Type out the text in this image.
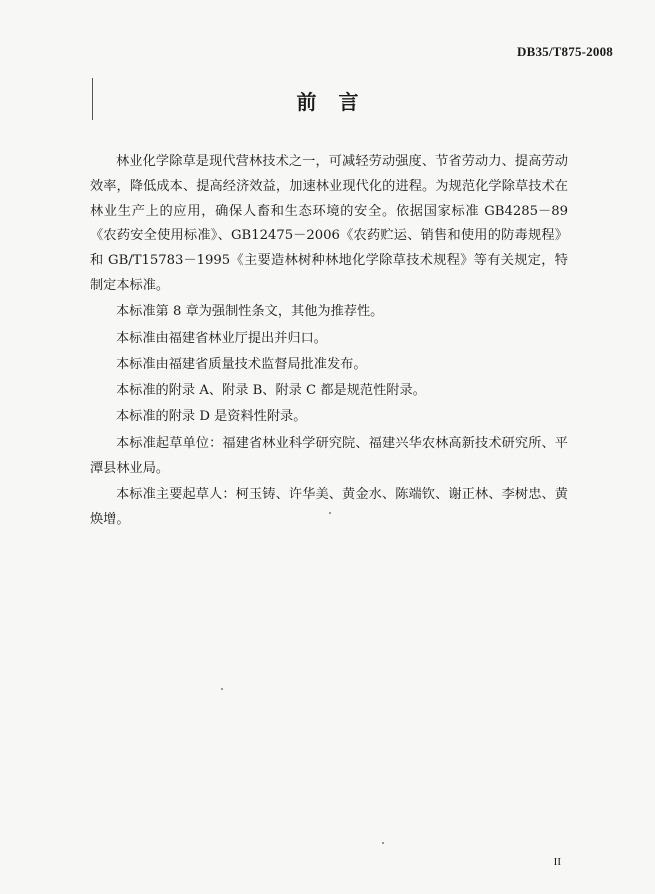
DB35/T875-2008
前言

林业化学除草是现代营林技术之一，可减轻劳动强度、节省劳动力、提高劳动效率，降低成本、提高经济效益，加速林业现代化的进程。为规范化学除草技术在林业生产上的应用，确保人畜和生态环境的安全。依据国家标准 GB4285－89《农药安全使用标准》、GB12475－2006《农药贮运、销售和使用的防毒规程》和 GB/T15783－1995《主要造林树种林地化学除草技术规程》等有关规定，特制定本标准。

本标准第 8 章为强制性条文，其他为推荐性。

本标准由福建省林业厅提出并归口。

本标准由福建省质量技术监督局批准发布。

本标准的附录 A、附录 B、附录 C 都是规范性附录。

本标准的附录 D 是资料性附录。

本标准起草单位：福建省林业科学研究院、福建兴华农林高新技术研究所、平潭县林业局。

本标准主要起草人：柯玉铸、许华美、黄金水、陈端钦、谢正林、李树忠、黄焕增。

II
